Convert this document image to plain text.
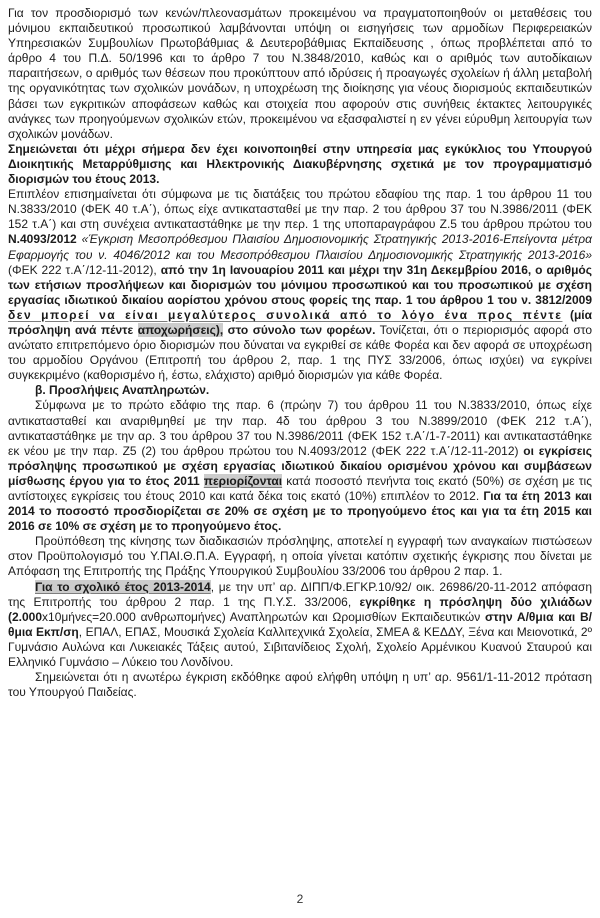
Για τον προσδιορισμό των κενών/πλεονασμάτων προκειμένου να πραγματοποιηθούν οι μεταθέσεις του μόνιμου εκπαιδευτικού προσωπικού λαμβάνονται υπόψη οι εισηγήσεις των αρμοδίων Περιφερειακών Υπηρεσιακών Συμβουλίων Πρωτοβάθμιας & Δευτεροβάθμιας Εκπαίδευσης , όπως προβλέπεται από το άρθρο 4 του Π.Δ. 50/1996 και το άρθρο 7 του Ν.3848/2010, καθώς και ο αριθμός των αυτοδίκαιων παραιτήσεων, ο αριθμός των θέσεων που προκύπτουν από ιδρύσεις ή προαγωγές σχολείων ή άλλη μεταβολή της οργανικότητας των σχολικών μονάδων, η υποχρέωση της διοίκησης για νέους διορισμούς εκπαιδευτικών βάσει των εγκριτικών αποφάσεων καθώς και στοιχεία που αφορούν στις συνήθεις έκτακτες λειτουργικές ανάγκες των προηγούμενων σχολικών ετών, προκειμένου να εξασφαλιστεί η εν γένει εύρυθμη λειτουργία των σχολικών μονάδων.

Σημειώνεται ότι μέχρι σήμερα δεν έχει κοινοποιηθεί στην υπηρεσία μας εγκύκλιος του Υπουργού Διοικητικής Μεταρρύθμισης και Ηλεκτρονικής Διακυβέρνησης σχετικά με τον προγραμματισμό διορισμών του έτους 2013.

Επιπλέον επισημαίνεται ότι σύμφωνα με τις διατάξεις του πρώτου εδαφίου της παρ. 1 του άρθρου 11 του Ν.3833/2010 (ΦΕΚ 40 τ.Α΄), όπως είχε αντικατασταθεί με την παρ. 2 του άρθρου 37 του Ν.3986/2011 (ΦΕΚ 152 τ.Α΄) και στη συνέχεια αντικαταστάθηκε με την περ. 1 της υποπαραγράφου Ζ.5 του άρθρου πρώτου του Ν.4093/2012 «Έγκριση Μεσοπρόθεσμου Πλαισίου Δημοσιονομικής Στρατηγικής 2013-2016-Επείγοντα μέτρα Εφαρμογής του ν. 4046/2012 και του Μεσοπρόθεσμου Πλαισίου Δημοσιονομικής Στρατηγικής 2013-2016» (ΦΕΚ 222 τ.Α΄/12-11-2012), από την 1η Ιανουαρίου 2011 και μέχρι την 31η Δεκεμβρίου 2016, ο αριθμός των ετήσιων προσλήψεων και διορισμών του μόνιμου προσωπικού και του προσωπικού με σχέση εργασίας ιδιωτικού δικαίου αορίστου χρόνου στους φορείς της παρ. 1 του άρθρου 1 του ν. 3812/2009 δεν μπορεί να είναι μεγαλύτερος συνολικά από το λόγο ένα προς πέντε (μία πρόσληψη ανά πέντε αποχωρήσεις), στο σύνολο των φορέων. Τονίζεται, ότι ο περιορισμός αφορά στο ανώτατο επιτρεπόμενο όριο διορισμών που δύναται να εγκριθεί σε κάθε Φορέα και δεν αφορά σε υποχρέωση του αρμοδίου Οργάνου (Επιτροπή του άρθρου 2, παρ. 1 της ΠΥΣ 33/2006, όπως ισχύει) να εγκρίνει συγκεκριμένο (καθορισμένο ή, έστω, ελάχιστο) αριθμό διορισμών για κάθε Φορέα.

β. Προσλήψεις Αναπληρωτών.

Σύμφωνα με το πρώτο εδάφιο της παρ. 6 (πρώην 7) του άρθρου 11 του Ν.3833/2010, όπως είχε αντικατασταθεί και αναριθμηθεί με την παρ. 4δ του άρθρου 3 του Ν.3899/2010 (ΦΕΚ 212 τ.Α΄), αντικαταστάθηκε με την αρ. 3 του άρθρου 37 του Ν.3986/2011 (ΦΕΚ 152 τ.Α΄/1-7-2011) και αντικαταστάθηκε εκ νέου με την παρ. Ζ5 (2) του άρθρου πρώτου του Ν.4093/2012 (ΦΕΚ 222 τ.Α΄/12-11-2012) οι εγκρίσεις πρόσληψης προσωπικού με σχέση εργασίας ιδιωτικού δικαίου ορισμένου χρόνου και συμβάσεων μίσθωσης έργου για το έτος 2011 περιορίζονται κατά ποσοστό πενήντα τοις εκατό (50%) σε σχέση με τις αντίστοιχες εγκρίσεις του έτους 2010 και κατά δέκα τοις εκατό (10%) επιπλέον το 2012. Για τα έτη 2013 και 2014 το ποσοστό προσδιορίζεται σε 20% σε σχέση με το προηγούμενο έτος και για τα έτη 2015 και 2016 σε 10% σε σχέση με το προηγούμενο έτος.

Προϋπόθεση της κίνησης των διαδικασιών πρόσληψης, αποτελεί η εγγραφή των αναγκαίων πιστώσεων στον Προϋπολογισμό του Υ.ΠΑΙ.Θ.Π.Α. Εγγραφή, η οποία γίνεται κατόπιν σχετικής έγκρισης που δίνεται με Απόφαση της Επιτροπής της Πράξης Υπουργικού Συμβουλίου 33/2006 του άρθρου 2 παρ. 1.

Για το σχολικό έτος 2013-2014, με την υπ’ αρ. ΔΙΠΠ/Φ.ΕΓΚΡ.10/92/ οικ. 26986/20-11-2012 απόφαση της Επιτροπής του άρθρου 2 παρ. 1 της Π.Υ.Σ. 33/2006, εγκρίθηκε η πρόσληψη δύο χιλιάδων (2.000x10μήνες=20.000 ανθρωπομήνες) Αναπληρωτών και Ωρομισθίων Εκπαιδευτικών στην Α/θμια και Β/θμια Εκπ/ση, ΕΠΑΛ, ΕΠΑΣ, Μουσικά Σχολεία Καλλιτεχνικά Σχολεία, ΣΜΕΑ & ΚΕΔΔΥ, Ξένα και Μειονοτικά, 2º Γυμνάσιο Αυλώνα και Λυκειακές Τάξεις αυτού, Σιβιτανίδειος Σχολή, Σχολείο Αρμένικου Κυανού Σταυρού και Ελληνικό Γυμνάσιο – Λύκειο του Λονδίνου.

Σημειώνεται ότι η ανωτέρω έγκριση εκδόθηκε αφού ελήφθη υπόψη η υπ’ αρ. 9561/1-11-2012 πρόταση του Υπουργού Παιδείας.

2
